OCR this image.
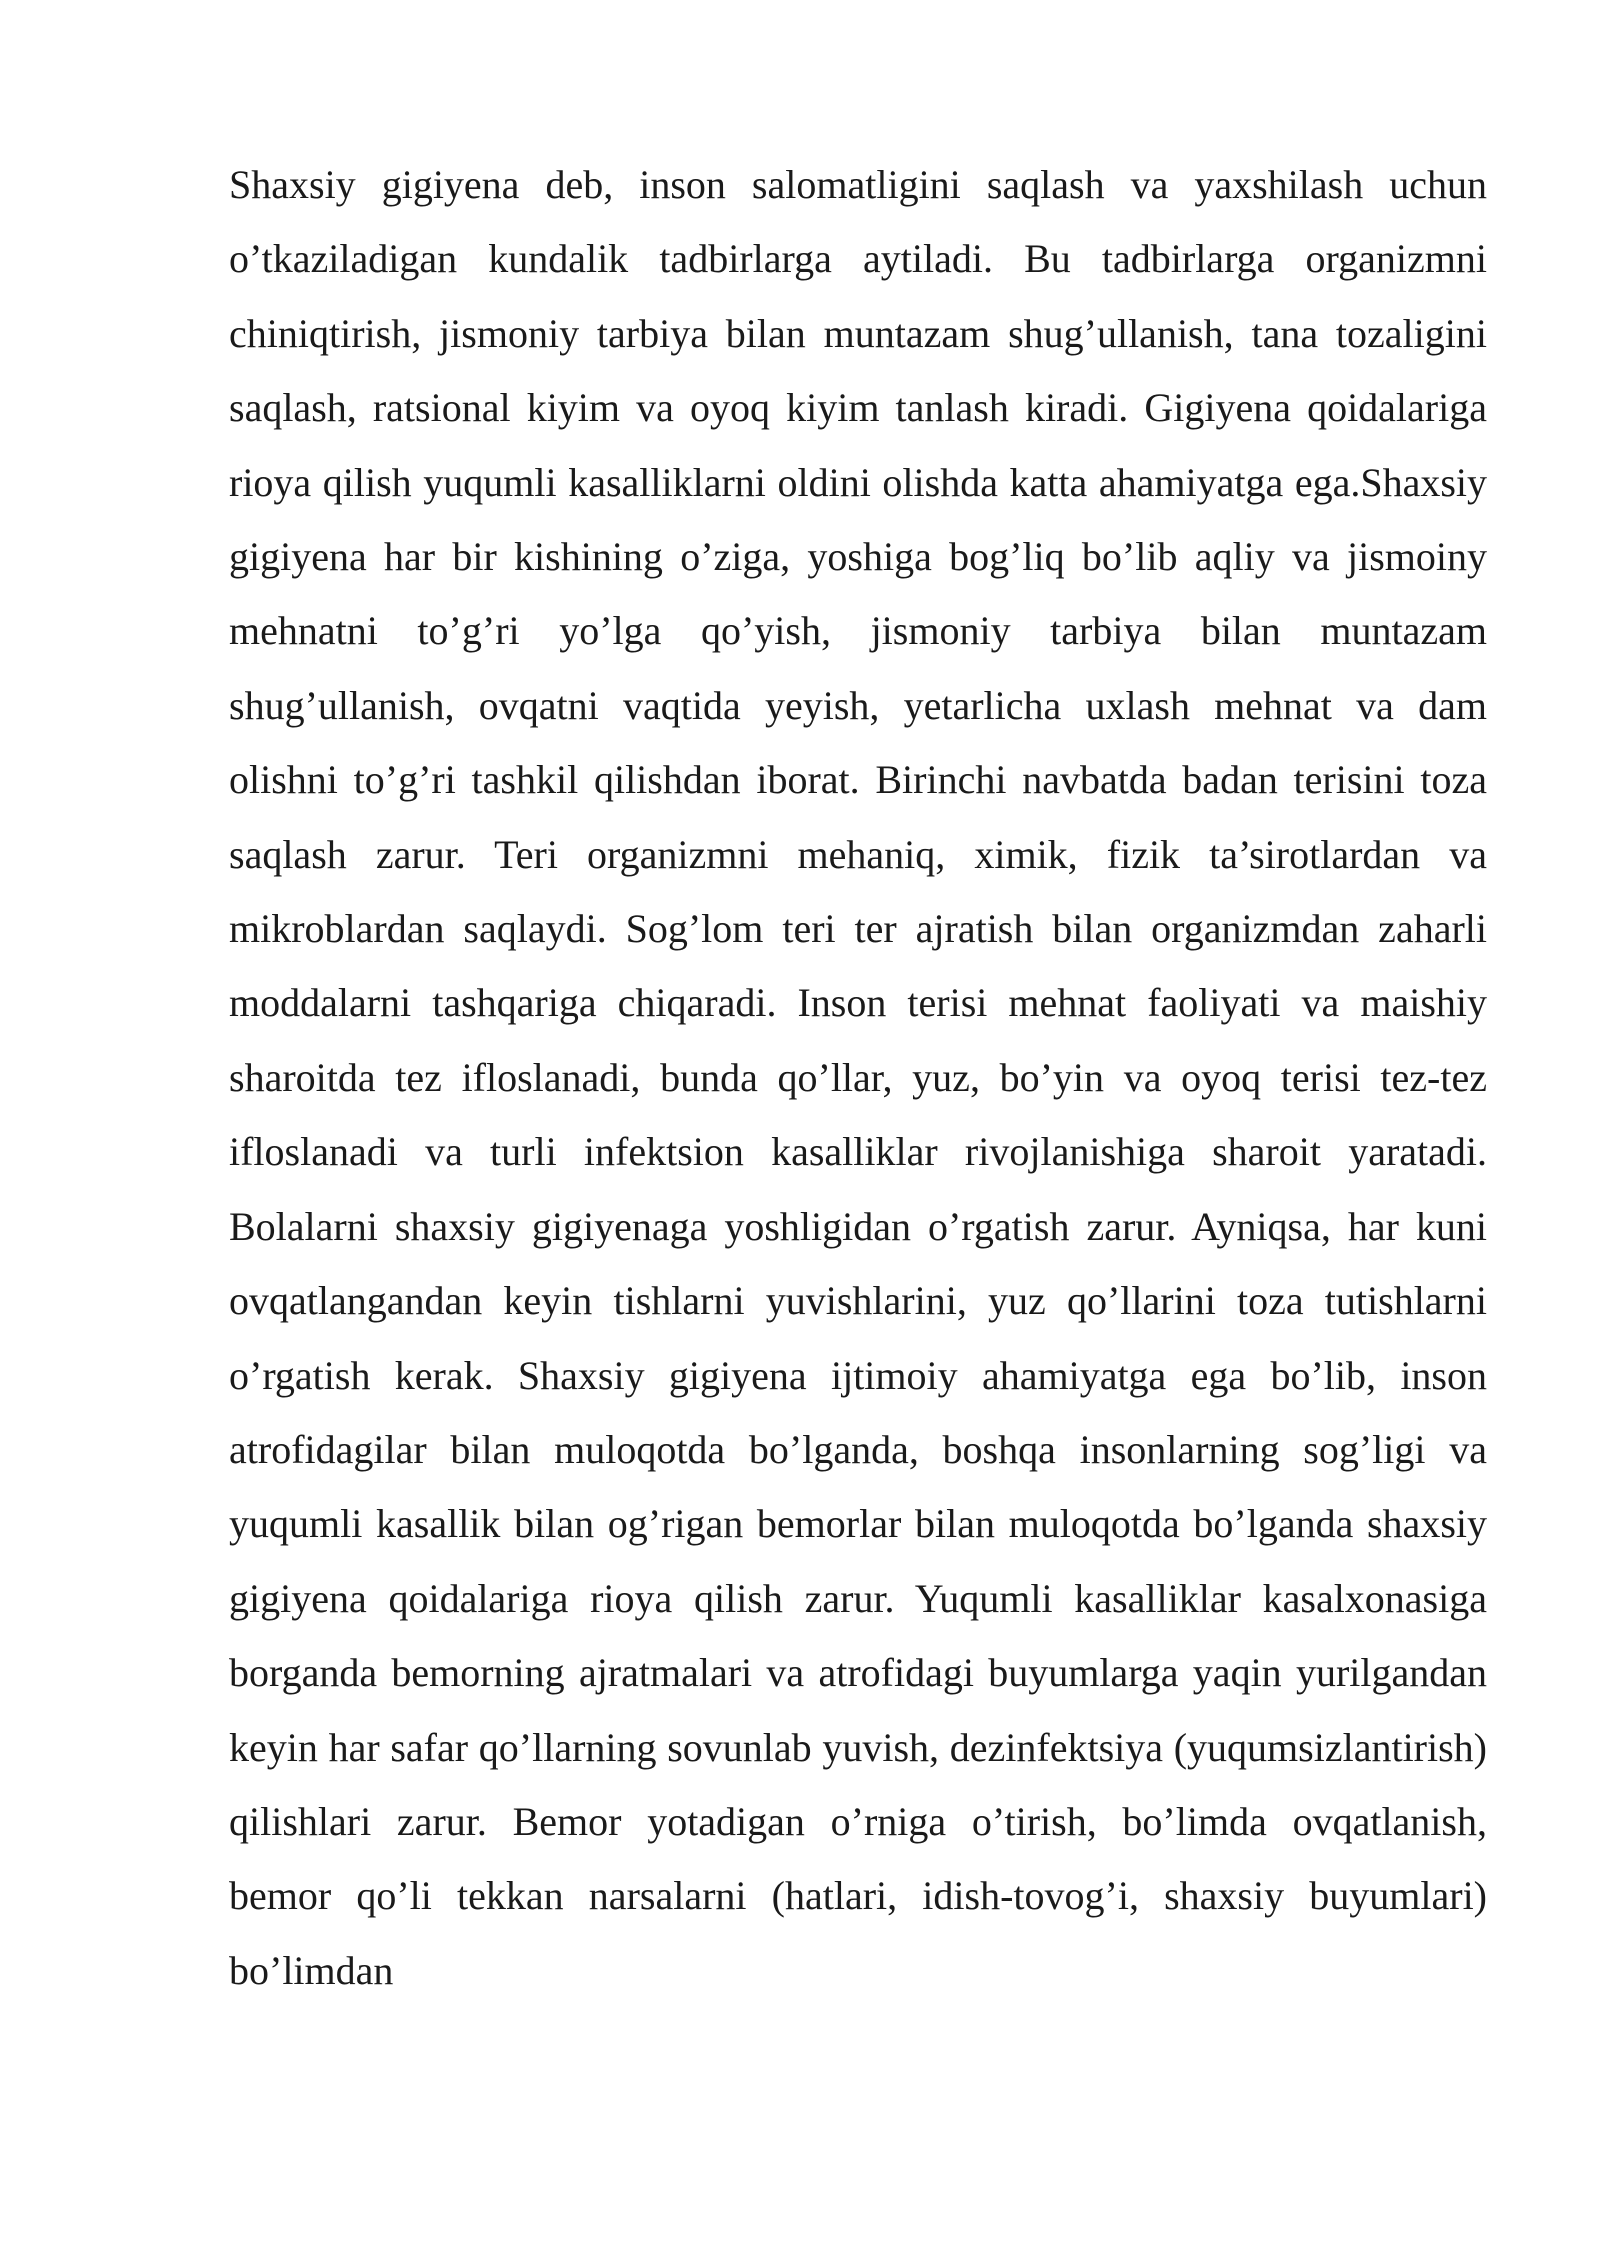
Shaxsiy gigiyena deb, inson salomatligini saqlash va yaxshilash uchun o’tkaziladigan kundalik tadbirlarga aytiladi. Bu tadbirlarga organizmni chiniqtirish, jismoniy tarbiya bilan muntazam shug’ullanish, tana tozaligini saqlash, ratsional kiyim va oyoq kiyim tanlash kiradi. Gigiyena qoidalariga rioya qilish yuqumli kasalliklarni oldini olishda katta ahamiyatga ega.Shaxsiy gigiyena har bir kishining o’ziga, yoshiga bog’liq bo’lib aqliy va jismoiny mehnatni to’g’ri yo’lga qo’yish, jismoniy tarbiya bilan muntazam shug’ullanish, ovqatni vaqtida yeyish, yetarlicha uxlash mehnat va dam olishni to’g’ri tashkil qilishdan iborat. Birinchi navbatda badan terisini toza saqlash zarur. Teri organizmni mehaniq, ximik, fizik ta’sirotlardan va mikroblardan saqlaydi. Sog’lom teri ter ajratish bilan organizmdan zaharli moddalarni tashqariga chiqaradi. Inson terisi mehnat faoliyati va maishiy sharoitda tez ifloslanadi, bunda qo’llar, yuz, bo’yin va oyoq terisi tez-tez ifloslanadi va turli infektsion kasalliklar rivojlanishiga sharoit yaratadi. Bolalarni shaxsiy gigiyenaga yoshligidan o’rgatish zarur. Ayniqsa, har kuni ovqatlangandan keyin tishlarni yuvishlarini, yuz qo’llarini toza tutishlarni o’rgatish kerak. Shaxsiy gigiyena ijtimoiy ahamiyatga ega bo’lib, inson atrofidagilar bilan muloqotda bo’lganda, boshqa insonlarning sog’ligi va yuqumli kasallik bilan og’rigan bemorlar bilan muloqotda bo’lganda shaxsiy gigiyena qoidalariga rioya qilish zarur. Yuqumli kasalliklar kasalxonasiga borganda bemorning ajratmalari va atrofidagi buyumlarga yaqin yurilgandan keyin har safar qo’llarning sovunlab yuvish, dezinfektsiya (yuqumsizlantirish) qilishlari zarur. Bemor yotadigan o’rniga o’tirish, bo’limda ovqatlanish, bemor qo’li tekkan narsalarni (hatlari, idish-tovog’i, shaxsiy buyumlari) bo’limdan
